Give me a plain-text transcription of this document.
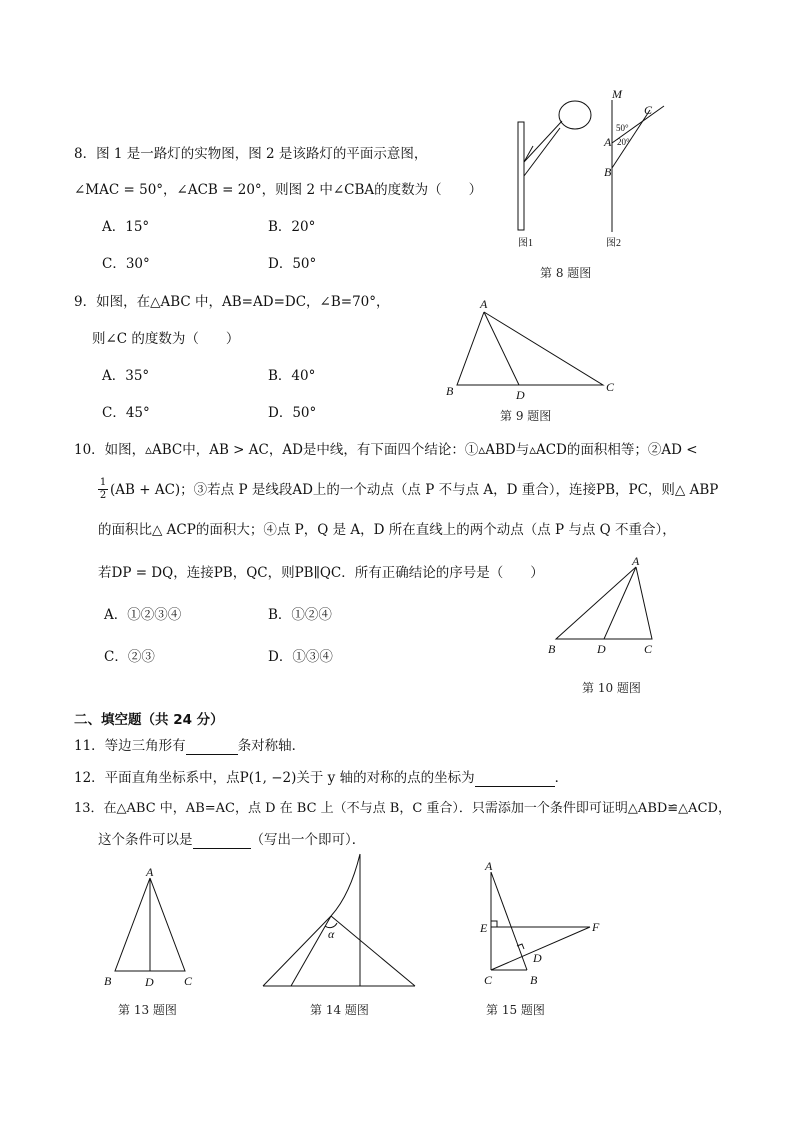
8．图 1 是一路灯的实物图，图 2 是该路灯的平面示意图，
∠MAC = 50°，∠ACB = 20°，则图 2 中∠CBA的度数为（　　）
A．15°	B．20°
C．30°	D．50°
图1
M
C
A
B
50°
20°
图2
第 8 题图
9．如图，在△ABC 中，AB=AD=DC，∠B=70°，
则∠C 的度数为（　　）
A．35°	B．40°
C．45°	D．50°
A
B	C
D
第 9 题图
10．如图，▵ABC中，AB > AC，AD是中线，有下面四个结论：①▵ABD与▵ACD的面积相等；②AD <
1
2 (AB + AC)；③若点 P 是线段AD上的一个动点（点 P 不与点 A，D 重合），连接PB，PC，则△ ABP
的面积比△ ACP的面积大；④点 P，Q 是 A，D 所在直线上的两个动点（点 P 与点 Q 不重合），
若DP = DQ，连接PB，QC，则PB∥QC．所有正确结论的序号是（　　）
A．①②③④	B．①②④
C．②③	D．①③④
A
B	D	C
第 10 题图
二、填空题（共 24 分）
11．等边三角形有	条对称轴．
12．平面直角坐标系中，点P(1, −2)关于 y 轴的对称的点的坐标为	．
13．在△ABC 中，AB=AC，点 D 在 BC 上（不与点 B，C 重合）．只需添加一个条件即可证明△ABD≌△ACD，
这个条件可以是	（写出一个即可）．
A
B	D	C
第 13 题图
α
第 14 题图
A
E	F
D
C	B
第 15 题图
